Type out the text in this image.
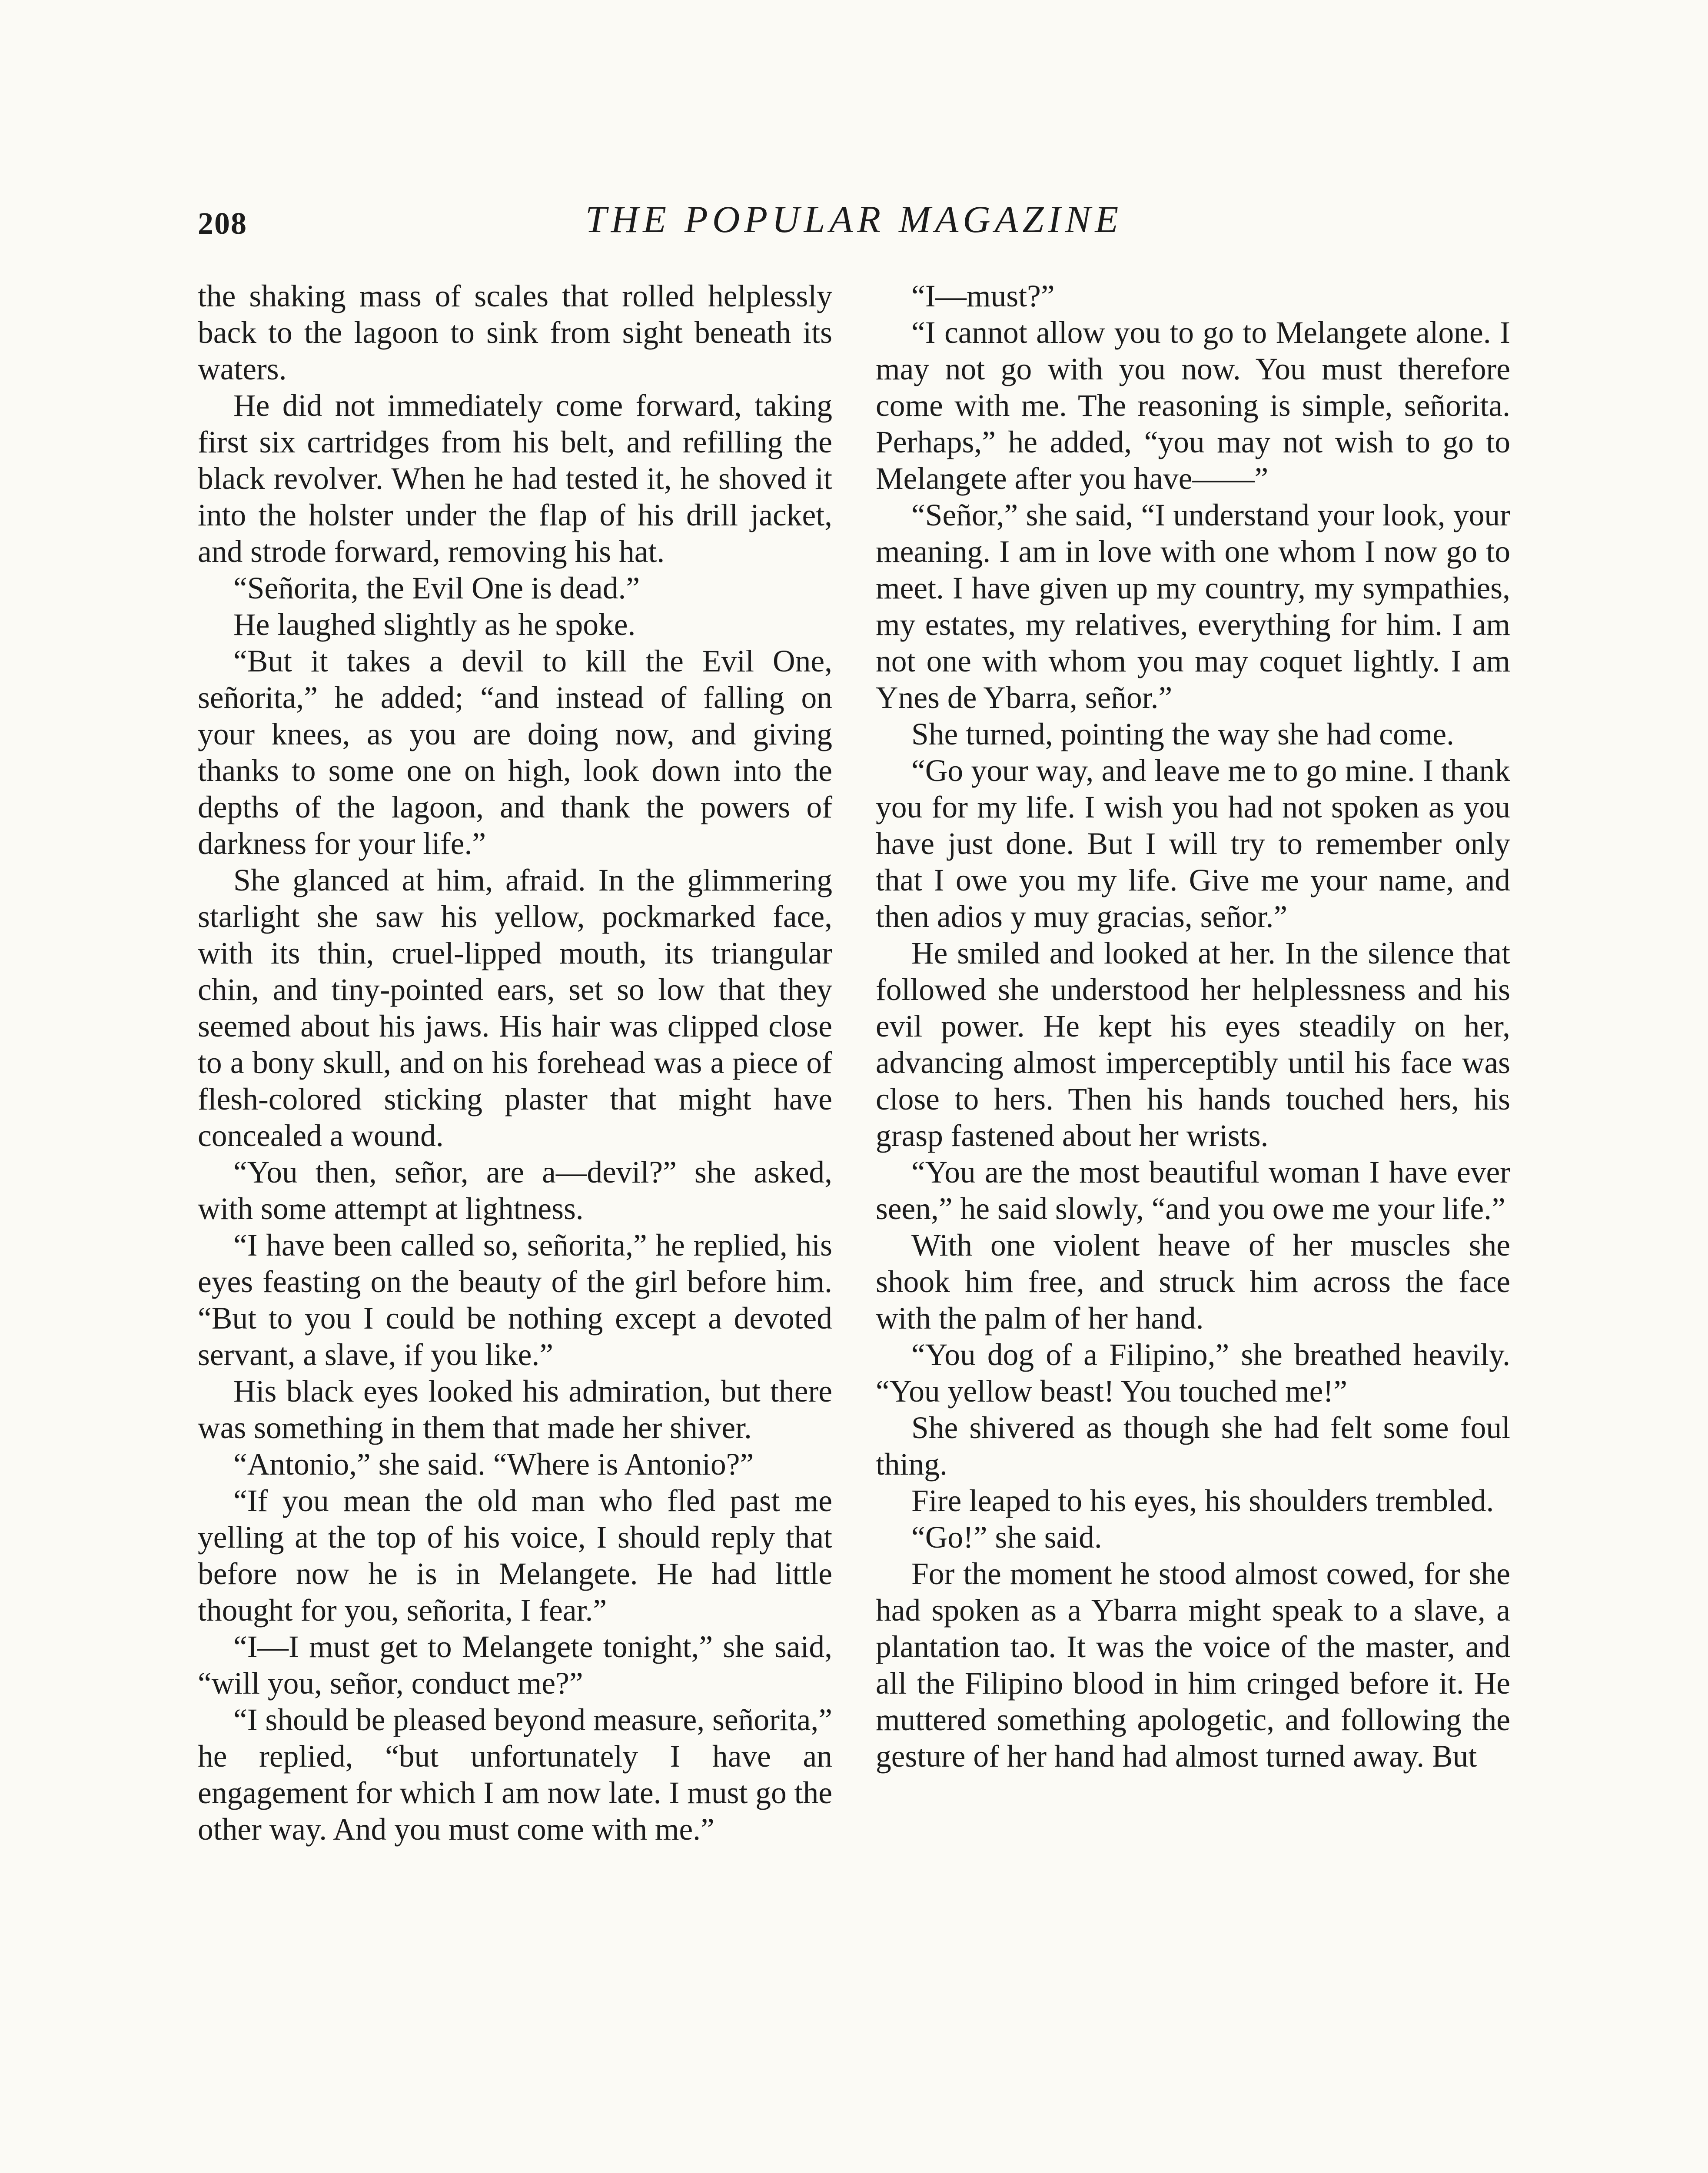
208	THE POPULAR MAGAZINE

the shaking mass of scales that rolled helplessly back to the lagoon to sink from sight beneath its waters.

He did not immediately come forward, taking first six cartridges from his belt, and refilling the black revolver. When he had tested it, he shoved it into the holster under the flap of his drill jacket, and strode forward, removing his hat.

“Señorita, the Evil One is dead.”

He laughed slightly as he spoke.

“But it takes a devil to kill the Evil One, señorita,” he added; “and instead of falling on your knees, as you are doing now, and giving thanks to some one on high, look down into the depths of the lagoon, and thank the powers of darkness for your life.”

She glanced at him, afraid. In the glimmering starlight she saw his yellow, pockmarked face, with its thin, cruel-lipped mouth, its triangular chin, and tiny-pointed ears, set so low that they seemed about his jaws. His hair was clipped close to a bony skull, and on his forehead was a piece of flesh-colored sticking plaster that might have concealed a wound.

“You then, señor, are a—devil?” she asked, with some attempt at lightness.

“I have been called so, señorita,” he replied, his eyes feasting on the beauty of the girl before him. “But to you I could be nothing except a devoted servant, a slave, if you like.”

His black eyes looked his admiration, but there was something in them that made her shiver.

“Antonio,” she said. “Where is Antonio?”

“If you mean the old man who fled past me yelling at the top of his voice, I should reply that before now he is in Melangete. He had little thought for you, señorita, I fear.”

“I—I must get to Melangete tonight,” she said, “will you, señor, conduct me?”

“I should be pleased beyond measure, señorita,” he replied, “but unfortunately I have an engagement for which I am now late. I must go the other way. And you must come with me.”

“I—must?”

“I cannot allow you to go to Melangete alone. I may not go with you now. You must therefore come with me. The reasoning is simple, señorita. Perhaps,” he added, “you may not wish to go to Melangete after you have——”

“Señor,” she said, “I understand your look, your meaning. I am in love with one whom I now go to meet. I have given up my country, my sympathies, my estates, my relatives, everything for him. I am not one with whom you may coquet lightly. I am Ynes de Ybarra, señor.”

She turned, pointing the way she had come.

“Go your way, and leave me to go mine. I thank you for my life. I wish you had not spoken as you have just done. But I will try to remember only that I owe you my life. Give me your name, and then adios y muy gracias, señor.”

He smiled and looked at her. In the silence that followed she understood her helplessness and his evil power. He kept his eyes steadily on her, advancing almost imperceptibly until his face was close to hers. Then his hands touched hers, his grasp fastened about her wrists.

“You are the most beautiful woman I have ever seen,” he said slowly, “and you owe me your life.”

With one violent heave of her muscles she shook him free, and struck him across the face with the palm of her hand.

“You dog of a Filipino,” she breathed heavily. “You yellow beast! You touched me!”

She shivered as though she had felt some foul thing.

Fire leaped to his eyes, his shoulders trembled.

“Go!” she said.

For the moment he stood almost cowed, for she had spoken as a Ybarra might speak to a slave, a plantation tao. It was the voice of the master, and all the Filipino blood in him cringed before it. He muttered something apologetic, and following the gesture of her hand had almost turned away. But
